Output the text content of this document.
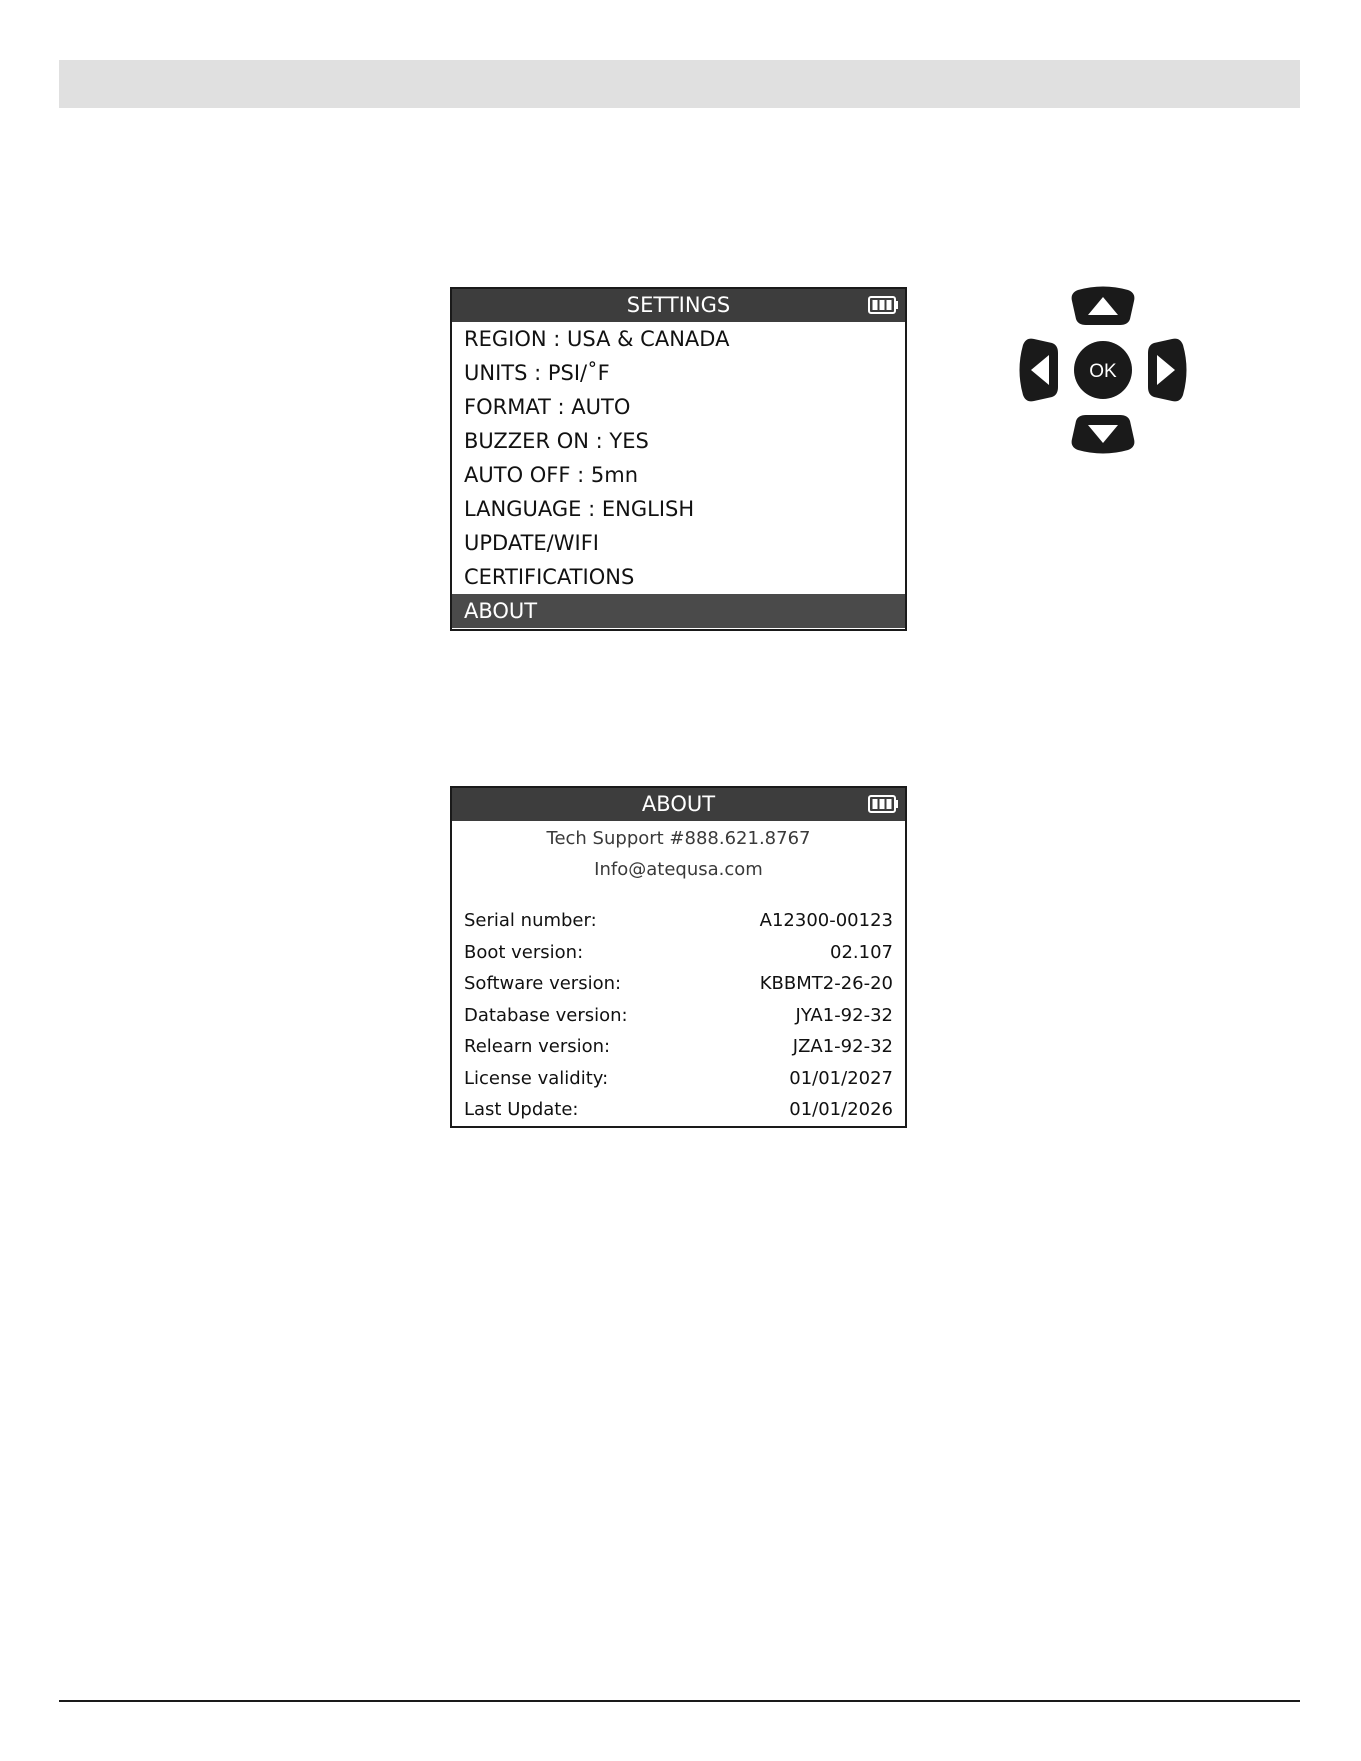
SETTINGS
REGION : USA & CANADA
UNITS : PSI/˚F
FORMAT : AUTO
BUZZER ON : YES
AUTO OFF : 5mn
LANGUAGE : ENGLISH
UPDATE/WIFI
CERTIFICATIONS
ABOUT
ABOUT
Tech Support #888.621.8767
Info@atequsa.com
Serial number:	A12300-00123
Boot version:	02.107
Software version:	KBBMT2-26-20
Database version:	JYA1-92-32
Relearn version:	JZA1-92-32
License validity:	01/01/2027
Last Update:	01/01/2026
OK
